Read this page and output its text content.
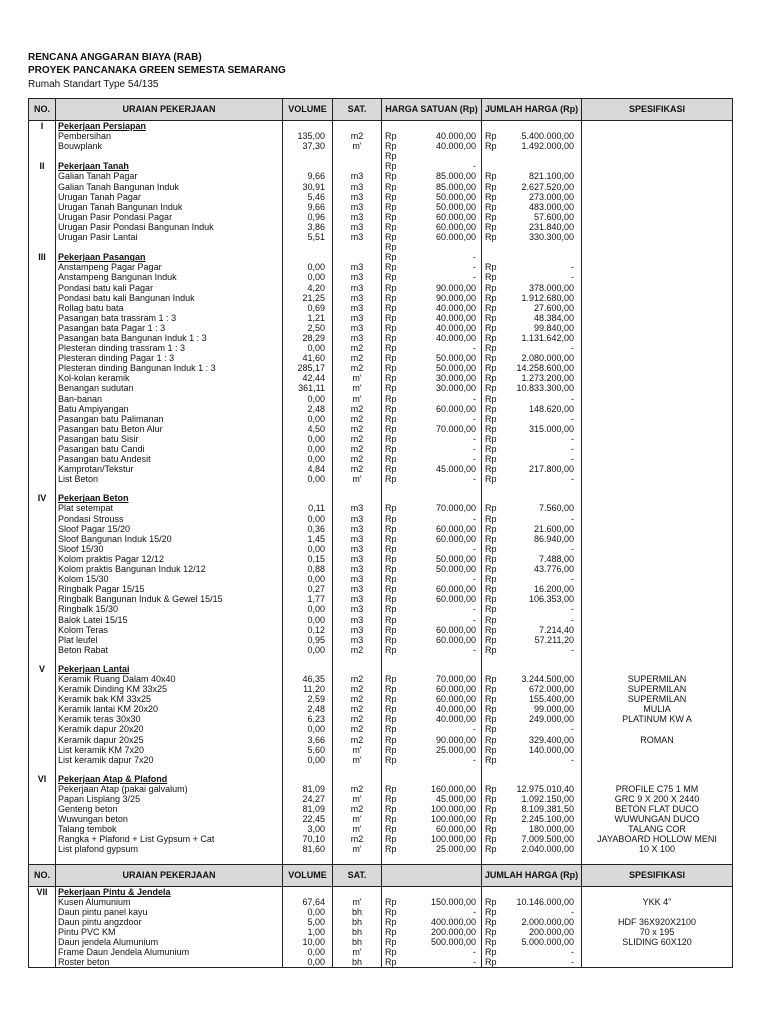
RENCANA ANGGARAN BIAYA (RAB)
PROYEK PANCANAKA GREEN SEMESTA SEMARANG
Rumah Standart Type 54/135
NO.	URAIAN PEKERJAAN	VOLUME	SAT.	HARGA SATUAN (Rp)		JUMLAH HARGA (Rp)		SPESIFIKASI
I	Pekerjaan Persiapan							
	Pembersihan	135,00	m2	Rp	40.000,00	Rp	5.400.000,00	
	Bouwplank	37,30	m'	Rp	40.000,00	Rp	1.492.000,00	
				Rp				
II	Pekerjaan Tanah			Rp	-			
	Galian Tanah Pagar	9,66	m3	Rp	85.000,00	Rp	821.100,00	
	Galian Tanah Bangunan Induk	30,91	m3	Rp	85.000,00	Rp	2.627.520,00	
	Urugan Tanah Pagar	5,46	m3	Rp	50.000,00	Rp	273.000,00	
	Urugan Tanah Bangunan Induk	9,66	m3	Rp	50.000,00	Rp	483.000,00	
	Urugan Pasir Pondasi Pagar	0,96	m3	Rp	60.000,00	Rp	57.600,00	
	Urugan Pasir Pondasi Bangunan Induk	3,86	m3	Rp	60.000,00	Rp	231.840,00	
	Urugan Pasir Lantai	5,51	m3	Rp	60.000,00	Rp	330.300,00	
				Rp				
III	Pekerjaan Pasangan			Rp	-			
	Anstampeng Pagar Pagar	0,00	m3	Rp	-	Rp	-	
	Anstampeng Bangunan Induk	0,00	m3	Rp	-	Rp	-	
	Pondasi batu kali Pagar	4,20	m3	Rp	90.000,00	Rp	378.000,00	
	Pondasi batu kali Bangunan Induk	21,25	m3	Rp	90.000,00	Rp	1.912.680,00	
	Rollag batu bata	0,69	m3	Rp	40.000,00	Rp	27.600,00	
	Pasangan bata trassram 1 : 3	1,21	m3	Rp	40.000,00	Rp	48.384,00	
	Pasangan bata Pagar 1 : 3	2,50	m3	Rp	40.000,00	Rp	99.840,00	
	Pasangan bata Bangunan Induk 1 : 3	28,29	m3	Rp	40.000,00	Rp	1.131.642,00	
	Plesteran dinding trassram 1 : 3	0,00	m2	Rp	-	Rp	-	
	Plesteran dinding Pagar 1 : 3	41,60	m2	Rp	50.000,00	Rp	2.080.000,00	
	Plesteran dinding Bangunan Induk 1 : 3	285,17	m2	Rp	50.000,00	Rp	14.258.600,00	
	Kol-kolan keramik	42,44	m'	Rp	30.000,00	Rp	1.273.200,00	
	Benangan sudutan	361,11	m'	Rp	30.000,00	Rp	10.833.300,00	
	Ban-banan	0,00	m'	Rp	-	Rp	-	
	Batu Ampiyangan	2,48	m2	Rp	60.000,00	Rp	148.620,00	
	Pasangan batu Palimanan	0,00	m2	Rp	-	Rp	-	
	Pasangan batu Beton Alur	4,50	m2	Rp	70.000,00	Rp	315.000,00	
	Pasangan batu Sisir	0,00	m2	Rp	-	Rp	-	
	Pasangan batu Candi	0,00	m2	Rp	-	Rp	-	
	Pasangan batu Andesit	0,00	m2	Rp	-	Rp	-	
	Kamprotan/Tekstur	4,84	m2	Rp	45.000,00	Rp	217.800,00	
	List Beton	0,00	m'	Rp	-	Rp	-	

IV	Pekerjaan Beton							
	Plat setempat	0,11	m3	Rp	70.000,00	Rp	7.560,00	
	Pondasi Strouss	0,00	m3	Rp	-	Rp	-	
	Sloof Pagar 15/20	0,36	m3	Rp	60.000,00	Rp	21.600,00	
	Sloof Bangunan Induk 15/20	1,45	m3	Rp	60.000,00	Rp	86.940,00	
	Sloof 15/30	0,00	m3	Rp	-	Rp	-	
	Kolom praktis Pagar 12/12	0,15	m3	Rp	50.000,00	Rp	7.488,00	
	Kolom praktis Bangunan Induk 12/12	0,88	m3	Rp	50.000,00	Rp	43.776,00	
	Kolom 15/30	0,00	m3	Rp	-	Rp	-	
	Ringbalk Pagar 15/15	0,27	m3	Rp	60.000,00	Rp	16.200,00	
	Ringbalk Bangunan Induk & Gewel 15/15	1,77	m3	Rp	60.000,00	Rp	106.353,00	
	Ringbalk 15/30	0,00	m3	Rp	-	Rp	-	
	Balok Latei 15/15	0,00	m3	Rp	-	Rp	-	
	Kolom Teras	0,12	m3	Rp	60.000,00	Rp	7.214,40	
	Plat leufel	0,95	m3	Rp	60.000,00	Rp	57.211,20	
	Beton Rabat	0,00	m2	Rp	-	Rp	-	

V	Pekerjaan Lantai							
	Keramik Ruang Dalam 40x40	46,35	m2	Rp	70.000,00	Rp	3.244.500,00	SUPERMILAN
	Keramik Dinding KM 33x25	11,20	m2	Rp	60.000,00	Rp	672.000,00	SUPERMILAN
	Keramik bak KM 33x25	2,59	m2	Rp	60.000,00	Rp	155.400,00	SUPERMILAN
	Keramik lantai KM 20x20	2,48	m2	Rp	40.000,00	Rp	99.000,00	MULIA
	Keramik teras 30x30	6,23	m2	Rp	40.000,00	Rp	249.000,00	PLATINUM KW A
	Keramik dapur 20x20	0,00	m2	Rp	-	Rp	-	
	Keramik dapur 20x25	3,66	m2	Rp	90.000,00	Rp	329.400,00	ROMAN
	List keramik KM 7x20	5,60	m'	Rp	25.000,00	Rp	140.000,00	
	List keramik dapur 7x20	0,00	m'	Rp	-	Rp	-	

VI	Pekerjaan Atap & Plafond							
	Pekerjaan Atap (pakai galvalum)	81,09	m2	Rp	160.000,00	Rp	12.975.010,40	PROFILE C75 1 MM
	Papan Lisplang 3/25	24,27	m'	Rp	45.000,00	Rp	1.092.150,00	GRC 9 X 200 X 2440
	Genteng beton	81,09	m2	Rp	100.000,00	Rp	8.109.381,50	BETON FLAT DUCO
	Wuwungan beton	22,45	m'	Rp	100.000,00	Rp	2.245.100,00	WUWUNGAN DUCO
	Talang tembok	3,00	m'	Rp	60.000,00	Rp	180.000,00	TALANG COR
	Rangka + Plafond + List Gypsum + Cat	70,10	m2	Rp	100.000,00	Rp	7.009.500,00	JAYABOARD HOLLOW MENI
	List plafond gypsum	81,60	m'	Rp	25.000,00	Rp	2.040.000,00	10 X 100

NO.	URAIAN PEKERJAAN	VOLUME	SAT.			JUMLAH HARGA (Rp)		SPESIFIKASI
VII	Pekerjaan Pintu & Jendela							
	Kusen Alumunium	67,64	m'	Rp	150.000,00	Rp	10.146.000,00	YKK 4"
	Daun pintu panel kayu	0,00	bh	Rp	-	Rp	-	
	Daun pintu angzdoor	5,00	bh	Rp	400.000,00	Rp	2.000.000,00	HDF 36X920X2100
	Pintu PVC KM	1,00	bh	Rp	200.000,00	Rp	200.000,00	70 x 195
	Daun jendela Alumunium	10,00	bh	Rp	500.000,00	Rp	5.000.000,00	SLIDING 60X120
	Frame Daun Jendela Alumunium	0,00	m'	Rp	-	Rp	-	
	Roster beton	0,00	bh	Rp	-	Rp	-	
